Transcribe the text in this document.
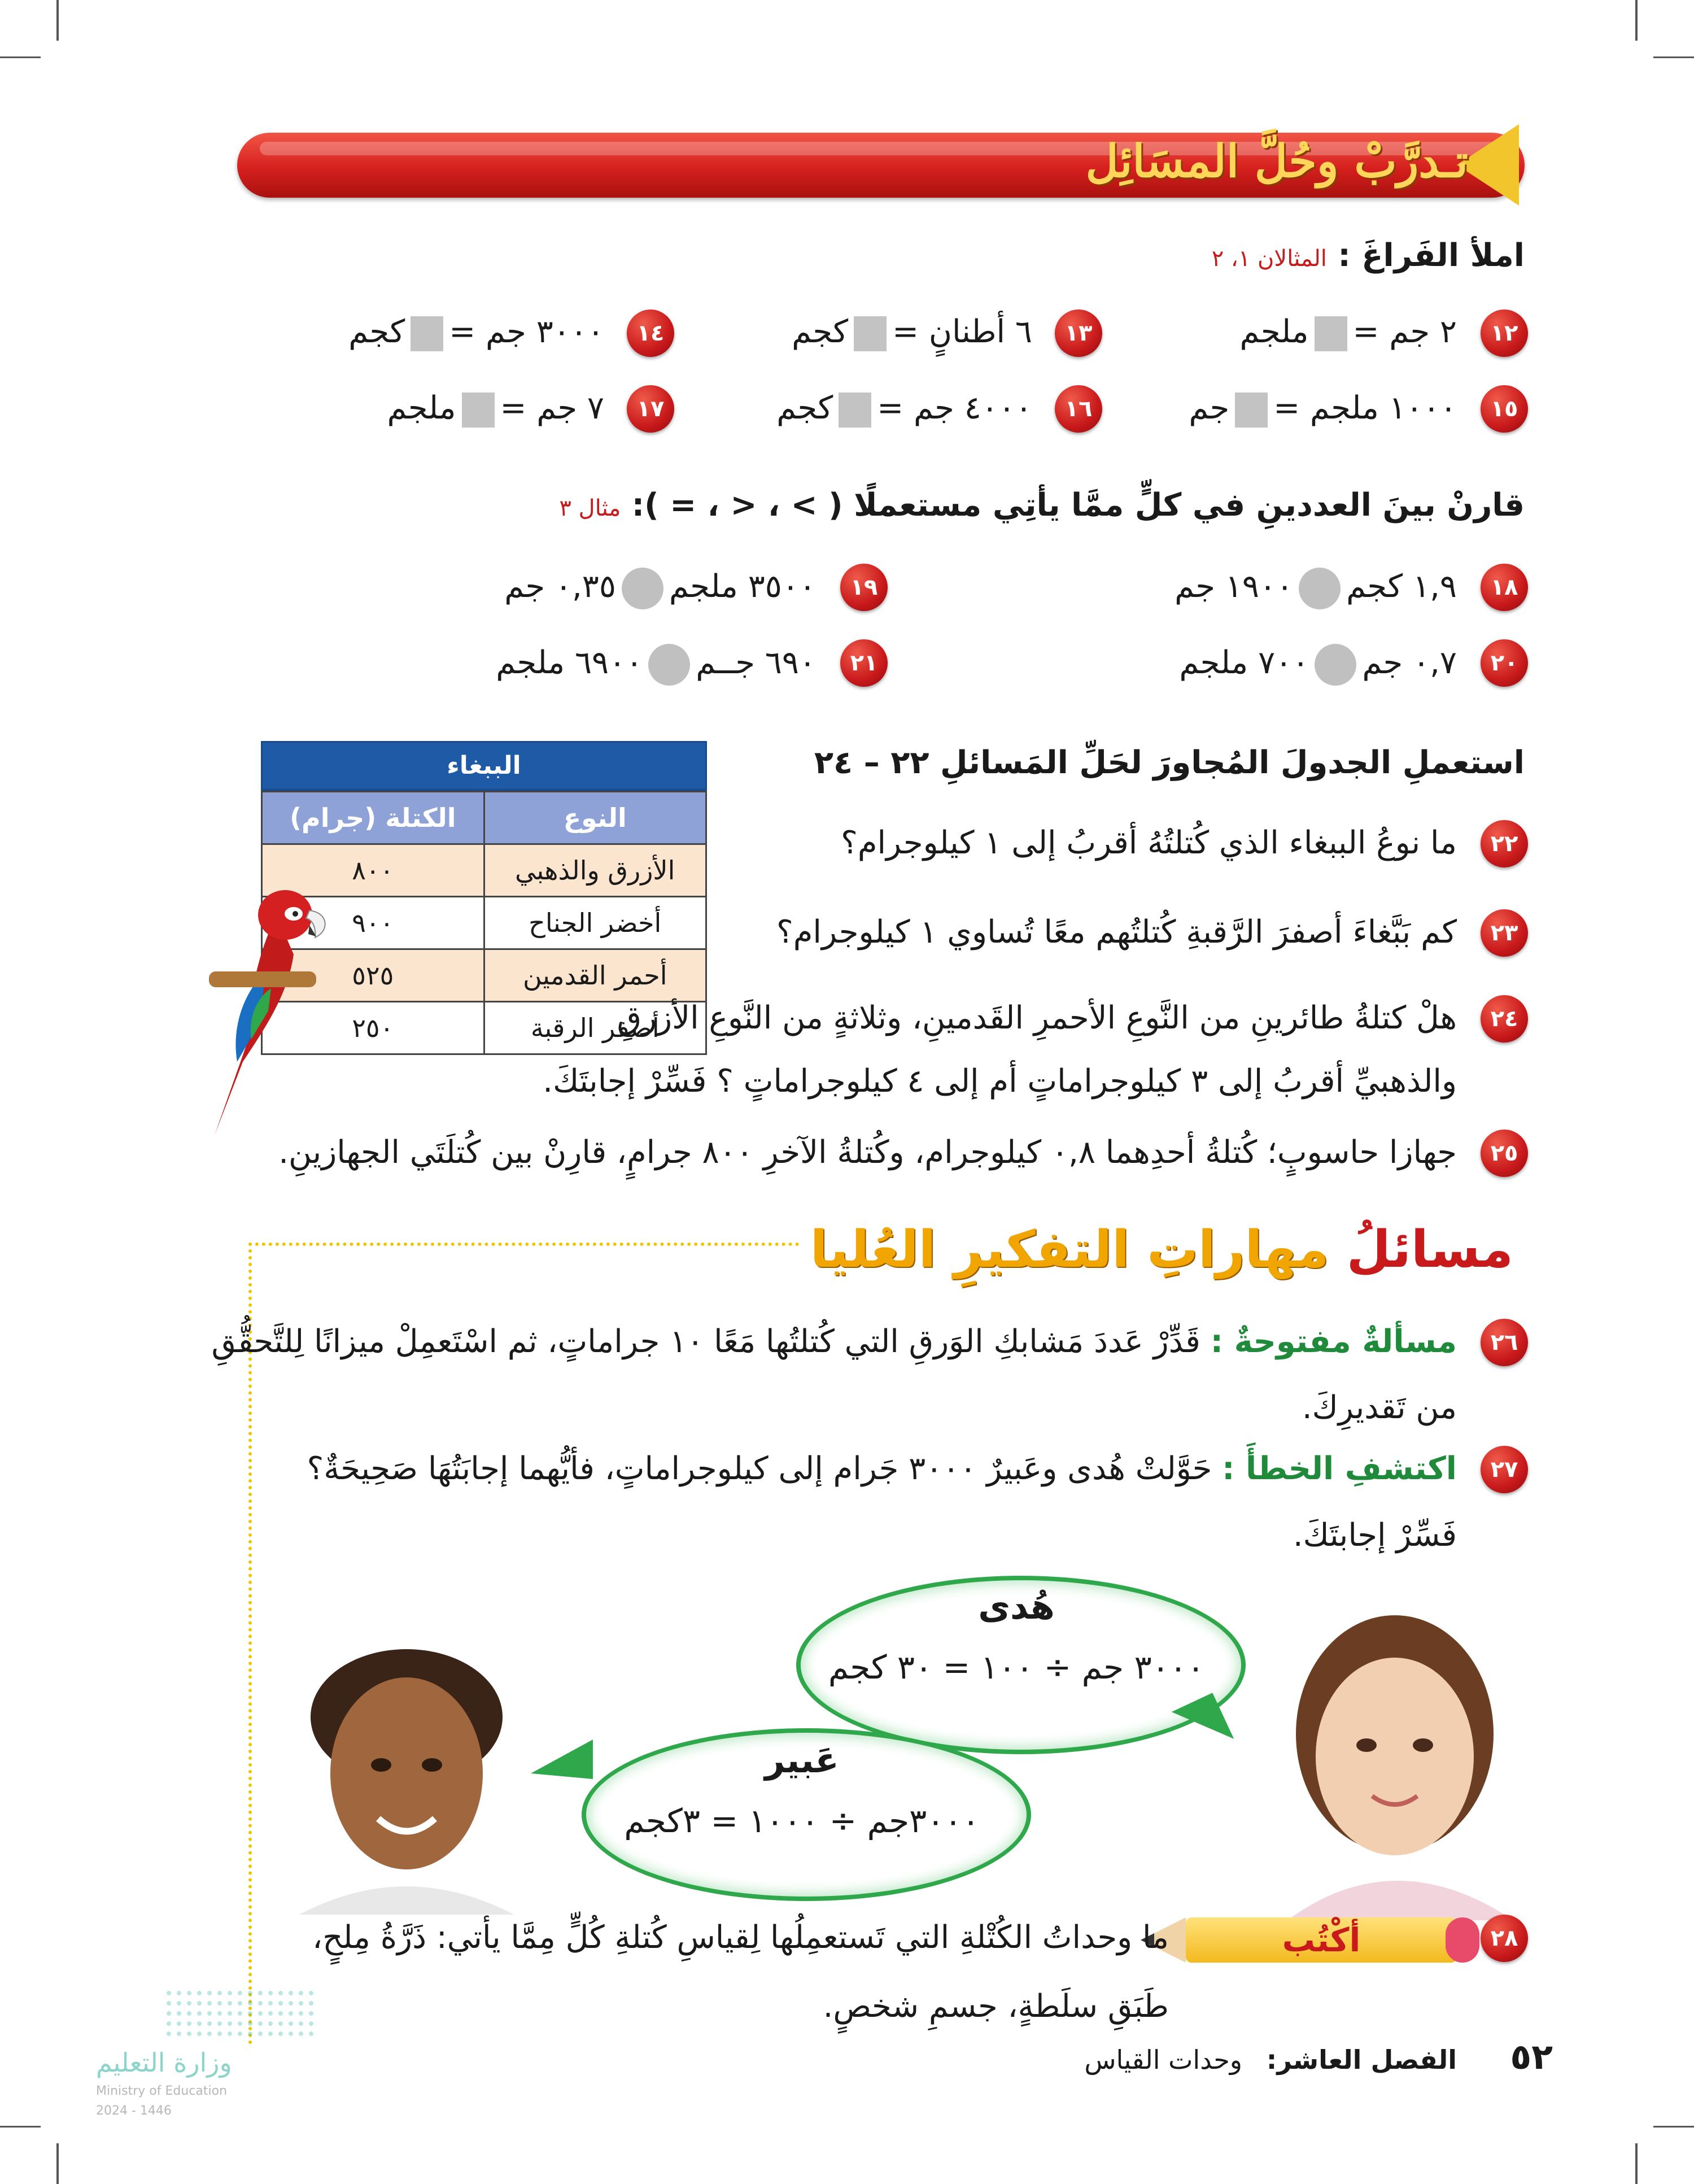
تـدرَّبْ وحُلَّ المسَائِل
املأ الفَراغَ : المثالان ١، ٢
١٢
٢ جم =ملجم
١٣
٦ أطنانٍ =كجم
١٤
٣٠٠٠ جم =كجم
١٥
١٠٠٠ ملجم =جم
١٦
٤٠٠٠ جم =كجم
١٧
٧ جم =ملجم
قارنْ بينَ العددينِ في كلٍّ ممَّا يأتِي مستعملًا ( > ، < ، = ): مثال ٣
١٨
١,٩ كجم١٩٠٠ جم
١٩
٣٥٠٠ ملجم٠,٣٥ جم
٢٠
٠,٧ جم٧٠٠ ملجم
٢١
٦٩٠ جــم٦٩٠٠ ملجم
استعملِ الجدولَ المُجاورَ لحَلِّ المَسائلِ ٢٢ – ٢٤
الببغاء
النوع	الكتلة (جرام)
الأزرق والذهبي	٨٠٠
أخضر الجناح	٩٠٠
أحمر القدمين	٥٢٥
أصفر الرقبة	٢٥٠
٢٢
ما نوعُ الببغاء الذي كُتلتُهُ أقربُ إلى ١ كيلوجرام؟
٢٣
كم بَبَّغاءَ أصفرَ الرَّقبةِ كُتلتُهم معًا تُساوي ١ كيلوجرام؟
٢٤
هلْ كتلةُ طائرينِ من النَّوعِ الأحمرِ القَدمينِ، وثلاثةٍ من النَّوعِ الأزرقِ
والذهبيِّ أقربُ إلى ٣ كيلوجراماتٍ أم إلى ٤ كيلوجراماتٍ ؟ فَسِّرْ إجابتَكَ.
٢٥
جهازا حاسوبٍ؛ كُتلةُ أحدِهما ٠,٨ كيلوجرام، وكُتلةُ الآخرِ ٨٠٠ جرامٍ، قارِنْ بين كُتلَتَي الجهازينِ.
مسائلُ مهاراتِ التفكيرِ العُليا
٢٦
مسألةٌ مفتوحةٌ : قَدِّرْ عَددَ مَشابكِ الوَرقِ التي كُتلتُها مَعًا ١٠ جراماتٍ، ثم اسْتَعمِلْ ميزانًا لِلتَّحقُّقِ
من تَقديرِكَ.
٢٧
اكتشفِ الخطأَ : حَوَّلتْ هُدى وعَبيرٌ ٣٠٠٠ جَرام إلى كيلوجراماتٍ، فأيُّهما إجابَتُهَا صَحِيحَةٌ؟
فَسِّرْ إجابتَكَ.
هُدى
٣٠٠٠ جم ÷ ١٠٠ = ٣٠ كجم
عَبير
٣٠٠٠جم ÷ ١٠٠٠ = ٣كجم
٢٨
أكْتُب
ما وحداتُ الكُتْلةِ التي تَستعمِلُها لِقياسِ كُتلةِ كُلٍّ مِمَّا يأتي: ذَرَّةُ مِلحٍ،
طَبَقِ سلَطةٍ، جسمِ شخصٍ.
٥٢
الفصل العاشر:
وحدات القياس
وزارة التعليم
Ministry of Education
2024 - 1446
